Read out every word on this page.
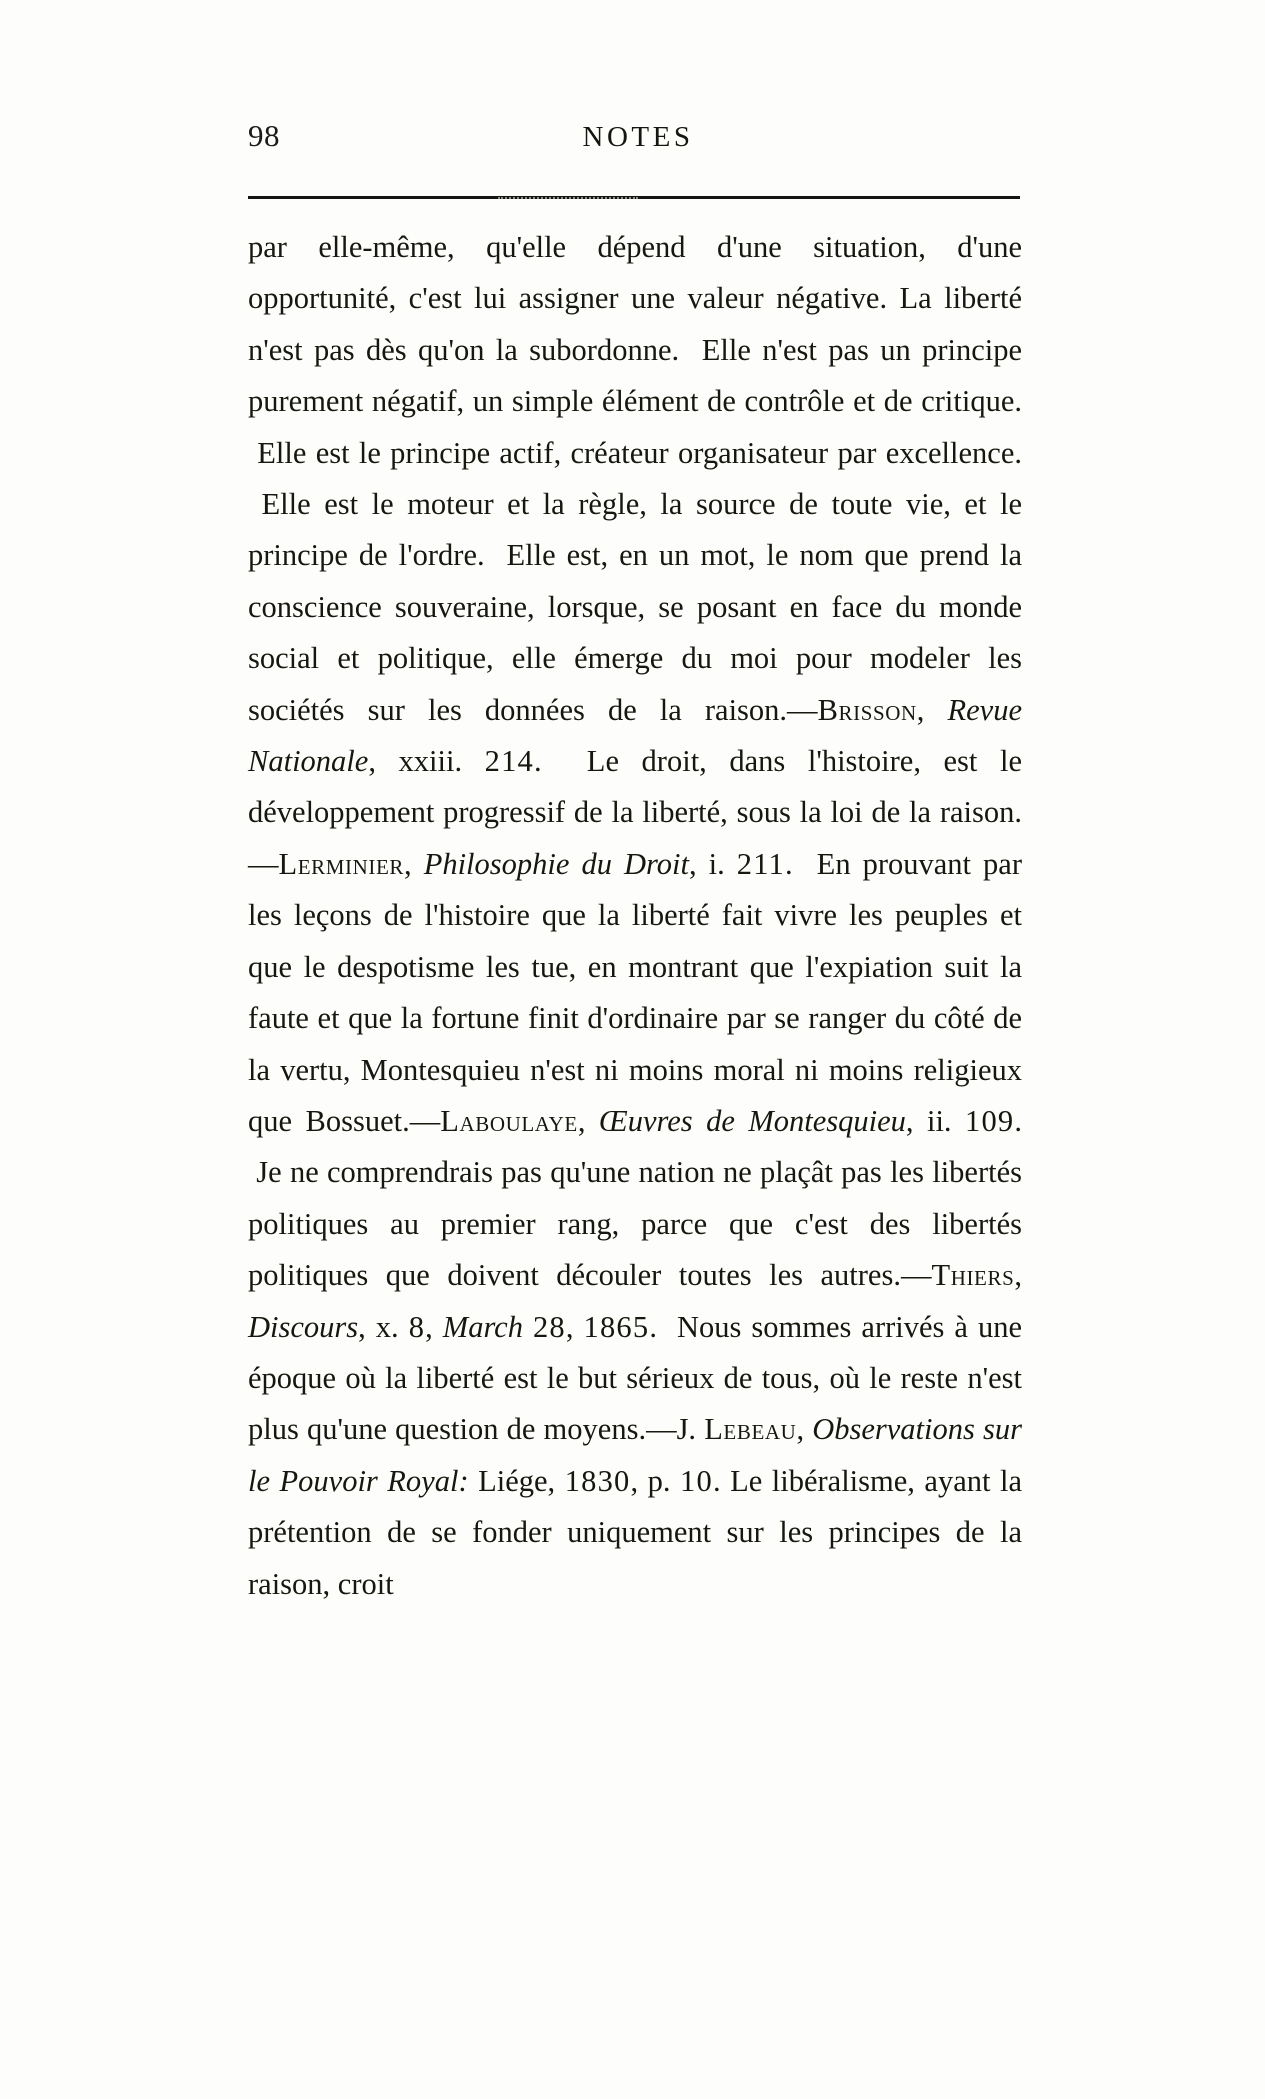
98	NOTES
par elle-même, qu'elle dépend d'une situation, d'une opportunité, c'est lui assigner une valeur négative. La liberté n'est pas dès qu'on la subordonne.  Elle n'est pas un principe purement négatif, un simple élément de contrôle et de critique.  Elle est le principe actif, créateur organisateur par excellence.  Elle est le moteur et la règle, la source de toute vie, et le principe de l'ordre.  Elle est, en un mot, le nom que prend la conscience souveraine, lorsque, se posant en face du monde social et politique, elle émerge du moi pour modeler les sociétés sur les données de la raison.—Brisson, Revue Nationale, xxiii. 214.  Le droit, dans l'histoire, est le développement progressif de la liberté, sous la loi de la raison.—Lerminier, Philosophie du Droit, i. 211.  En prouvant par les leçons de l'histoire que la liberté fait vivre les peuples et que le despotisme les tue, en montrant que l'expiation suit la faute et que la fortune finit d'ordinaire par se ranger du côté de la vertu, Montesquieu n'est ni moins moral ni moins religieux que Bossuet.—Laboulaye, Œuvres de Montesquieu, ii. 109.  Je ne comprendrais pas qu'une nation ne plaçât pas les libertés politiques au premier rang, parce que c'est des libertés politiques que doivent découler toutes les autres.—Thiers, Discours, x. 8, March 28, 1865.  Nous sommes arrivés à une époque où la liberté est le but sérieux de tous, où le reste n'est plus qu'une question de moyens.—J. Lebeau, Observations sur le Pouvoir Royal: Liége, 1830, p. 10. Le libéralisme, ayant la prétention de se fonder uniquement sur les principes de la raison, croit
